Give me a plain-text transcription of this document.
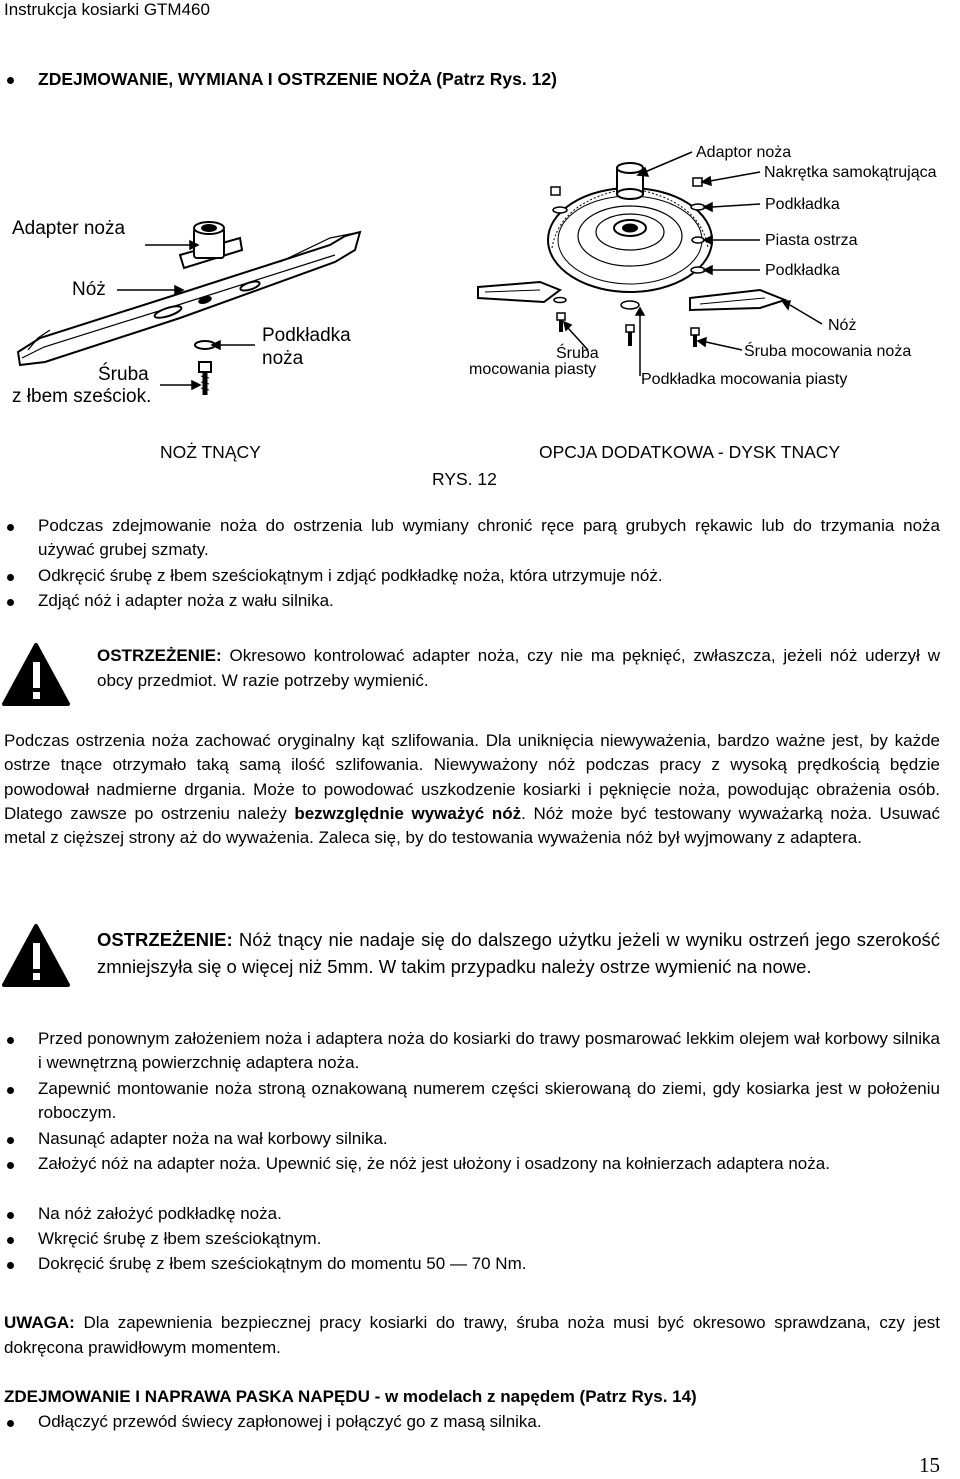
Instrukcja kosiarki GTM460
ZDEJMOWANIE, WYMIANA I OSTRZENIE NOŻA (Patrz Rys. 12)
Adapter noża
Nóż
Podkładka
noża
Śruba
z łbem sześciok.
Adaptor noża
Nakrętka samokątrująca
Podkładka
Piasta ostrza
Podkładka
Nóż
Śruba mocowania noża
Podkładka mocowania piasty
Śruba
mocowania piasty
NOŻ TNĄCY	OPCJA DODATKOWA - DYSK TNACY
RYS. 12
Podczas zdejmowanie noża do ostrzenia lub wymiany chronić ręce parą grubych rękawic lub do trzymania noża używać grubej szmaty.
Odkręcić śrubę z łbem sześciokątnym i zdjąć podkładkę noża, która utrzymuje nóż.
Zdjąć nóż i adapter noża z wału silnika.
OSTRZEŻENIE: Okresowo kontrolować adapter noża, czy nie ma pęknięć, zwłaszcza, jeżeli nóż uderzył w obcy przedmiot. W razie potrzeby wymienić.
Podczas ostrzenia noża zachować oryginalny kąt szlifowania. Dla uniknięcia niewyważenia, bardzo ważne jest, by każde ostrze tnące otrzymało taką samą ilość szlifowania. Niewyważony nóż podczas pracy z wysoką prędkością będzie powodował nadmierne drgania. Może to powodować uszkodzenie kosiarki i pęknięcie noża, powodując obrażenia osób. Dlatego zawsze po ostrzeniu należy bezwzględnie wyważyć nóż. Nóż może być testowany wyważarką noża. Usuwać metal z cięższej strony aż do wyważenia. Zaleca się, by do testowania wyważenia nóż był wyjmowany z adaptera.
OSTRZEŻENIE: Nóż tnący nie nadaje się do dalszego użytku jeżeli w wyniku ostrzeń jego szerokość zmniejszyła się o więcej niż 5mm. W takim przypadku należy ostrze wymienić na nowe.
Przed ponownym założeniem noża i adaptera noża do kosiarki do trawy posmarować lekkim olejem wał korbowy silnika i wewnętrzną powierzchnię adaptera noża.
Zapewnić montowanie noża stroną oznakowaną numerem części skierowaną do ziemi, gdy kosiarka jest w położeniu roboczym.
Nasunąć adapter noża na wał korbowy silnika.
Założyć nóż na adapter noża. Upewnić się, że nóż jest ułożony i osadzony na kołnierzach adaptera noża.
Na nóż założyć podkładkę noża.
Wkręcić śrubę z łbem sześciokątnym.
Dokręcić śrubę z łbem sześciokątnym do momentu 50 — 70 Nm.
UWAGA: Dla zapewnienia bezpiecznej pracy kosiarki do trawy, śruba noża musi być okresowo sprawdzana, czy jest dokręcona prawidłowym momentem.
ZDEJMOWANIE I NAPRAWA PASKA NAPĘDU - w modelach z napędem (Patrz Rys. 14)
Odłączyć przewód świecy zapłonowej i połączyć go z masą silnika.
15
